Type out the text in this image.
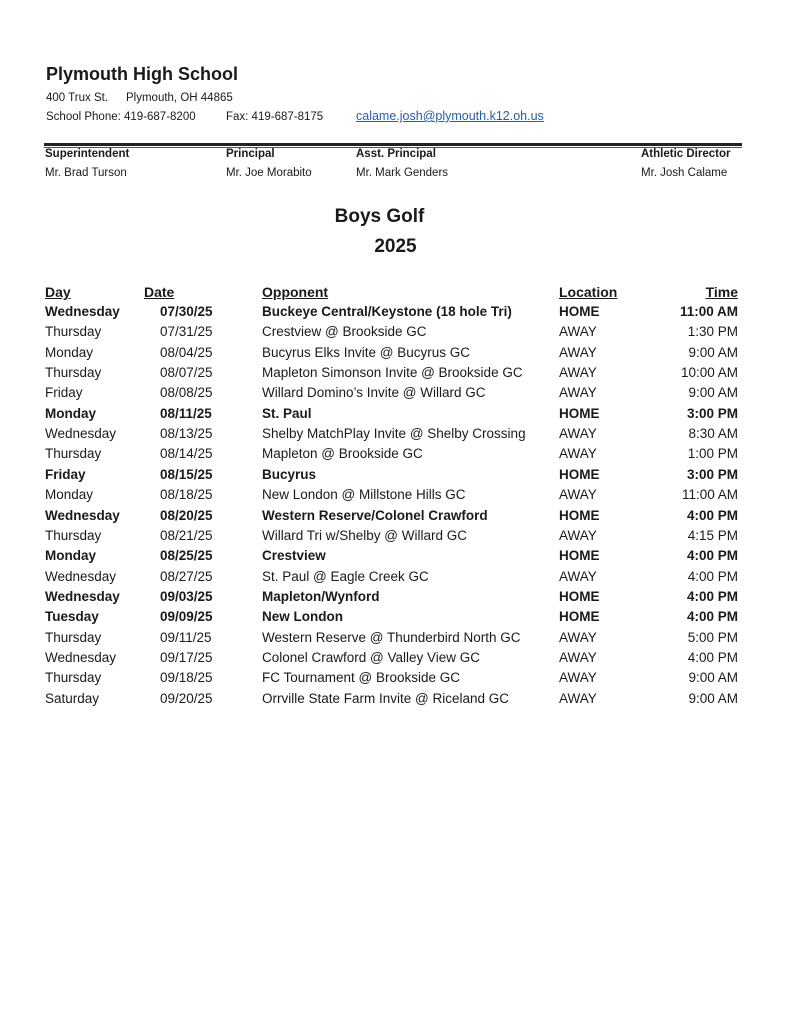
Plymouth High School
400 Trux St. Plymouth, OH 44865
School Phone: 419-687-8200	Fax: 419-687-8175	calame.josh@plymouth.k12.oh.us
Superintendent
Mr. Brad Turson
Principal
Mr. Joe Morabito
Asst. Principal
Mr. Mark Genders
Athletic Director
Mr. Josh Calame
Boys Golf
2025
Day	Date	Opponent	Location	Time
Wednesday	07/30/25	Buckeye Central/Keystone (18 hole Tri)	HOME	11:00 AM
Thursday	07/31/25	Crestview @ Brookside GC	AWAY	1:30 PM
Monday	08/04/25	Bucyrus Elks Invite @ Bucyrus GC	AWAY	9:00 AM
Thursday	08/07/25	Mapleton Simonson Invite @ Brookside GC	AWAY	10:00 AM
Friday	08/08/25	Willard Domino’s Invite @ Willard GC	AWAY	9:00 AM
Monday	08/11/25	St. Paul	HOME	3:00 PM
Wednesday	08/13/25	Shelby MatchPlay Invite @ Shelby Crossing AWAY	8:30 AM
Thursday	08/14/25	Mapleton @ Brookside GC	AWAY	1:00 PM
Friday	08/15/25	Bucyrus	HOME	3:00 PM
Monday	08/18/25	New London @ Millstone Hills GC	AWAY	11:00 AM
Wednesday	08/20/25	Western Reserve/Colonel Crawford	HOME	4:00 PM
Thursday	08/21/25	Willard Tri w/Shelby @ Willard GC	AWAY	4:15 PM
Monday	08/25/25	Crestview	HOME	4:00 PM
Wednesday	08/27/25	St. Paul @ Eagle Creek GC	AWAY	4:00 PM
Wednesday	09/03/25	Mapleton/Wynford	HOME	4:00 PM
Tuesday	09/09/25	New London	HOME	4:00 PM
Thursday	09/11/25	Western Reserve @ Thunderbird North GC	AWAY	5:00 PM
Wednesday	09/17/25	Colonel Crawford @ Valley View GC	AWAY	4:00 PM
Thursday	09/18/25	FC Tournament @ Brookside GC	AWAY	9:00 AM
Saturday	09/20/25	Orrville State Farm Invite @ Riceland GC	AWAY	9:00 AM
